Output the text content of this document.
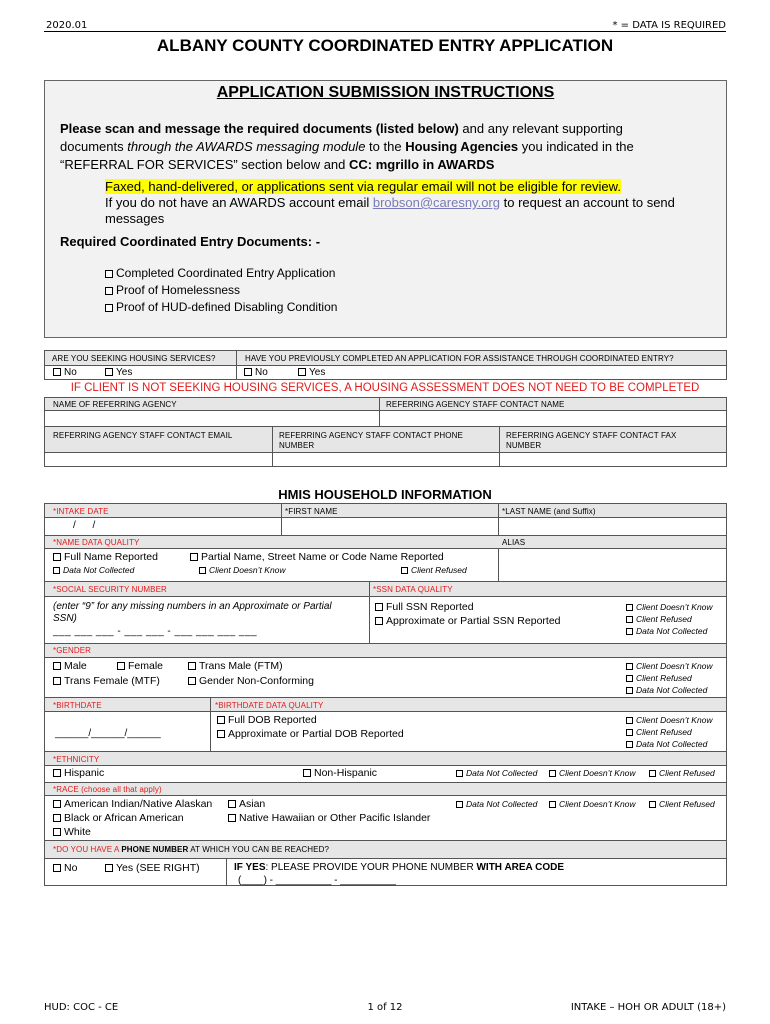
2020.01	* = DATA IS REQUIRED
ALBANY COUNTY COORDINATED ENTRY APPLICATION
APPLICATION SUBMISSION INSTRUCTIONS
Please scan and message the required documents (listed below) and any relevant supporting
documents through the AWARDS messaging module to the Housing Agencies you indicated in the
“REFERRAL FOR SERVICES” section below and CC: mgrillo in AWARDS
Faxed, hand-delivered, or applications sent via regular email will not be eligible for review.
If you do not have an AWARDS account email brobson@caresny.org to request an account to send
messages
Required Coordinated Entry Documents: -
Completed Coordinated Entry Application
Proof of Homelessness
Proof of HUD-defined Disabling Condition
ARE YOU SEEKING HOUSING SERVICES?	HAVE YOU PREVIOUSLY COMPLETED AN APPLICATION FOR ASSISTANCE THROUGH COORDINATED ENTRY?
No	Yes	No	Yes
IF CLIENT IS NOT SEEKING HOUSING SERVICES, A HOUSING ASSESSMENT DOES NOT NEED TO BE COMPLETED
NAME OF REFERRING AGENCY	REFERRING AGENCY STAFF CONTACT NAME
REFERRING AGENCY STAFF CONTACT EMAIL	REFERRING AGENCY STAFF CONTACT PHONE
NUMBER
REFERRING AGENCY STAFF CONTACT FAX
NUMBER
HMIS HOUSEHOLD INFORMATION
*INTAKE DATE	*FIRST NAME	*LAST NAME (and Suffix)
/      /
*NAME DATA QUALITY	ALIAS
Full Name Reported	Partial Name, Street Name or Code Name Reported
Data Not Collected	Client Doesn’t Know	Client Refused
*SOCIAL SECURITY NUMBER	*SSN DATA QUALITY
(enter “9” for any missing numbers in an Approximate or Partial
SSN)
___ ___ ___ - ___ ___ - ___ ___ ___ ___
Full SSN Reported
Approximate or Partial SSN Reported
Client Doesn’t Know
Client Refused
Data Not Collected
*GENDER
Male	Female	Trans Male (FTM)
Trans Female (MTF)	Gender Non-Conforming
Client Doesn’t Know
Client Refused
Data Not Collected
*BIRTHDATE	*BIRTHDATE DATA QUALITY
______/______/______
Full DOB Reported
Approximate or Partial DOB Reported
Client Doesn’t Know
Client Refused
Data Not Collected
*ETHNICITY
Hispanic	Non-Hispanic	Data Not Collected	Client Doesn’t Know	Client Refused
*RACE (choose all that apply)
American Indian/Native Alaskan	Asian
Black or African American	Native Hawaiian or Other Pacific Islander
White
Data Not Collected	Client Doesn’t Know	Client Refused
*DO YOU HAVE A PHONE NUMBER AT WHICH YOU CAN BE REACHED?
No	Yes (SEE RIGHT)	IF YES: PLEASE PROVIDE YOUR PHONE NUMBER WITH AREA CODE
(____) - __________ - __________
HUD: COC - CE	1 of 12	INTAKE – HOH OR ADULT (18+)
